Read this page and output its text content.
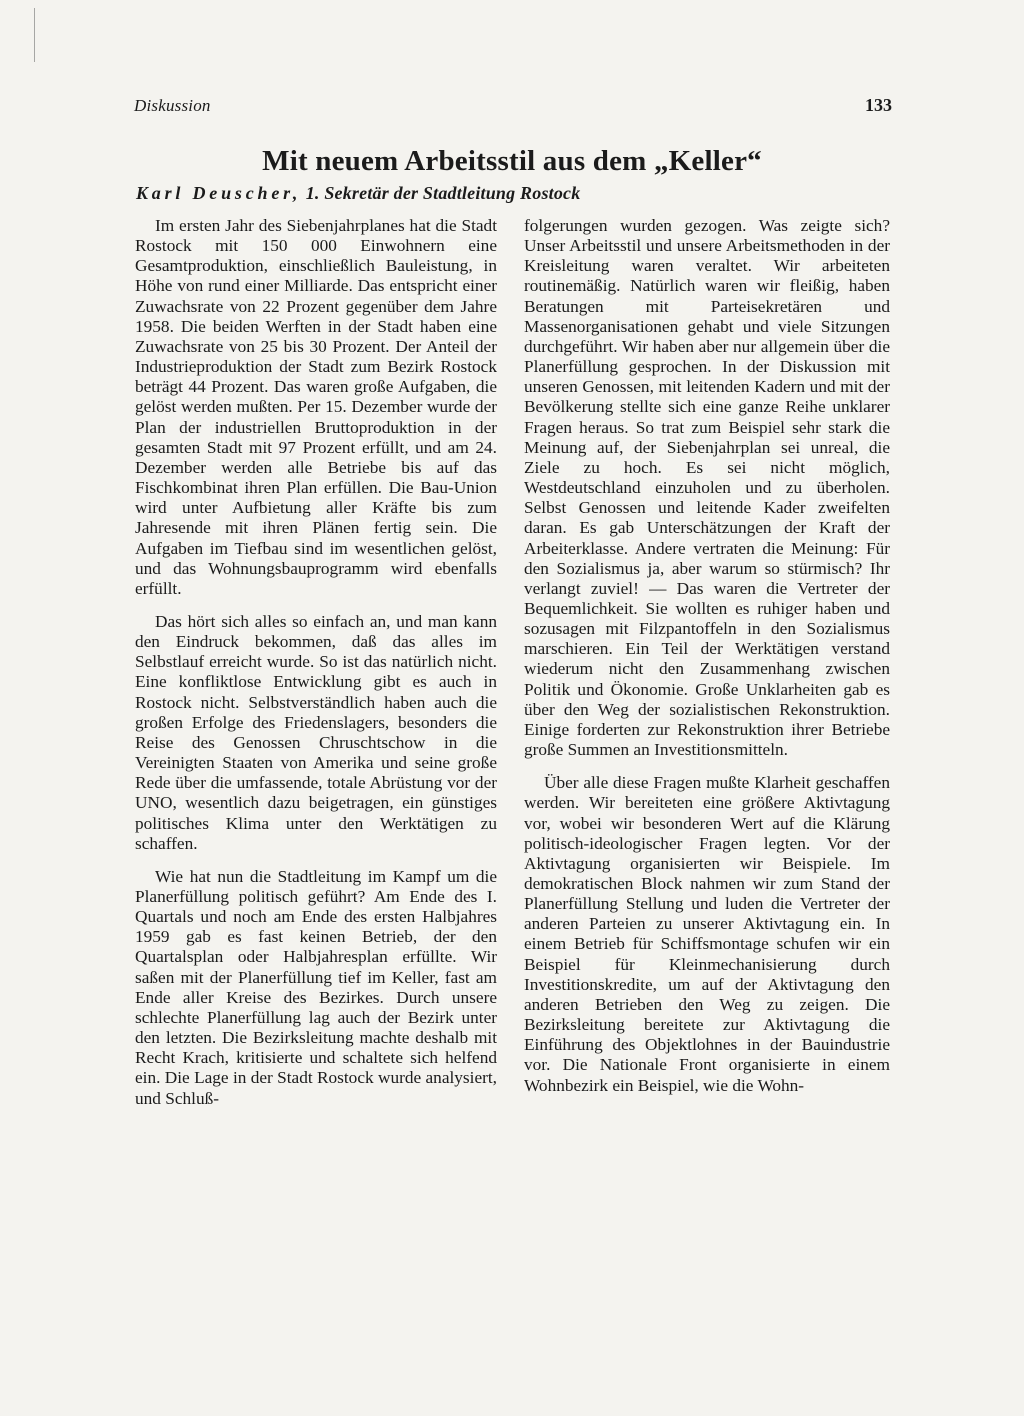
Diskussion	133
Mit neuem Arbeitsstil aus dem „Keller“
Karl Deuscher, 1. Sekretär der Stadtleitung Rostock

Im ersten Jahr des Siebenjahrplanes hat die Stadt Rostock mit 150 000 Einwohnern eine Gesamtproduktion, einschließlich Bauleistung, in Höhe von rund einer Milliarde. Das entspricht einer Zuwachsrate von 22 Prozent gegenüber dem Jahre 1958. Die beiden Werften in der Stadt haben eine Zuwachsrate von 25 bis 30 Prozent. Der Anteil der Industrieproduktion der Stadt zum Bezirk Rostock beträgt 44 Prozent. Das waren große Aufgaben, die gelöst werden mußten. Per 15. Dezember wurde der Plan der industriellen Bruttoproduktion in der gesamten Stadt mit 97 Prozent erfüllt, und am 24. Dezember werden alle Betriebe bis auf das Fischkombinat ihren Plan erfüllen. Die Bau-Union wird unter Aufbietung aller Kräfte bis zum Jahresende mit ihren Plänen fertig sein. Die Aufgaben im Tiefbau sind im wesentlichen gelöst, und das Wohnungsbauprogramm wird ebenfalls erfüllt.

Das hört sich alles so einfach an, und man kann den Eindruck bekommen, daß das alles im Selbstlauf erreicht wurde. So ist das natürlich nicht. Eine konfliktlose Entwicklung gibt es auch in Rostock nicht. Selbstverständlich haben auch die großen Erfolge des Friedenslagers, besonders die Reise des Genossen Chruschtschow in die Vereinigten Staaten von Amerika und seine große Rede über die umfassende, totale Abrüstung vor der UNO, wesentlich dazu beigetragen, ein günstiges politisches Klima unter den Werktätigen zu schaffen.

Wie hat nun die Stadtleitung im Kampf um die Planerfüllung politisch geführt? Am Ende des I. Quartals und noch am Ende des ersten Halbjahres 1959 gab es fast keinen Betrieb, der den Quartalsplan oder Halbjahresplan erfüllte. Wir saßen mit der Planerfüllung tief im Keller, fast am Ende aller Kreise des Bezirkes. Durch unsere schlechte Planerfüllung lag auch der Bezirk unter den letzten. Die Bezirksleitung machte deshalb mit Recht Krach, kritisierte und schaltete sich helfend ein. Die Lage in der Stadt Rostock wurde analysiert, und Schluß-

folgerungen wurden gezogen. Was zeigte sich? Unser Arbeitsstil und unsere Arbeitsmethoden in der Kreisleitung waren veraltet. Wir arbeiteten routinemäßig. Natürlich waren wir fleißig, haben Beratungen mit Parteisekretären und Massenorganisationen gehabt und viele Sitzungen durchgeführt. Wir haben aber nur allgemein über die Planerfüllung gesprochen. In der Diskussion mit unseren Genossen, mit leitenden Kadern und mit der Bevölkerung stellte sich eine ganze Reihe unklarer Fragen heraus. So trat zum Beispiel sehr stark die Meinung auf, der Siebenjahrplan sei unreal, die Ziele zu hoch. Es sei nicht möglich, Westdeutschland einzuholen und zu überholen. Selbst Genossen und leitende Kader zweifelten daran. Es gab Unterschätzungen der Kraft der Arbeiterklasse. Andere vertraten die Meinung: Für den Sozialismus ja, aber warum so stürmisch? Ihr verlangt zuviel! — Das waren die Vertreter der Bequemlichkeit. Sie wollten es ruhiger haben und sozusagen mit Filzpantoffeln in den Sozialismus marschieren. Ein Teil der Werktätigen verstand wiederum nicht den Zusammenhang zwischen Politik und Ökonomie. Große Unklarheiten gab es über den Weg der sozialistischen Rekonstruktion. Einige forderten zur Rekonstruktion ihrer Betriebe große Summen an Investitionsmitteln.

Über alle diese Fragen mußte Klarheit geschaffen werden. Wir bereiteten eine größere Aktivtagung vor, wobei wir besonderen Wert auf die Klärung politisch-ideologischer Fragen legten. Vor der Aktivtagung organisierten wir Beispiele. Im demokratischen Block nahmen wir zum Stand der Planerfüllung Stellung und luden die Vertreter der anderen Parteien zu unserer Aktivtagung ein. In einem Betrieb für Schiffsmontage schufen wir ein Beispiel für Kleinmechanisierung durch Investitionskredite, um auf der Aktivtagung den anderen Betrieben den Weg zu zeigen. Die Bezirksleitung bereitete zur Aktivtagung die Einführung des Objektlohnes in der Bauindustrie vor. Die Nationale Front organisierte in einem Wohnbezirk ein Beispiel, wie die Wohn-
